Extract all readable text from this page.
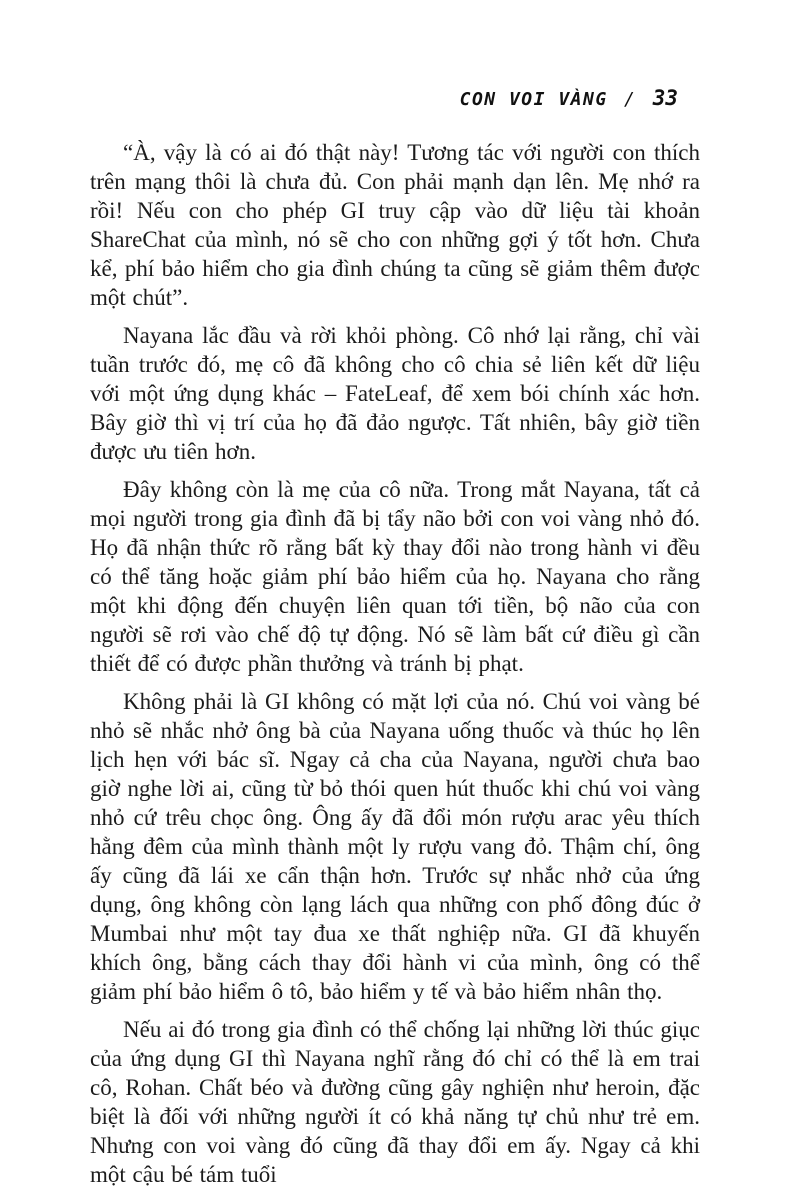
CON VOI VÀNG / 33

“À, vậy là có ai đó thật này! Tương tác với người con thích trên mạng thôi là chưa đủ. Con phải mạnh dạn lên. Mẹ nhớ ra rồi! Nếu con cho phép GI truy cập vào dữ liệu tài khoản ShareChat của mình, nó sẽ cho con những gợi ý tốt hơn. Chưa kể, phí bảo hiểm cho gia đình chúng ta cũng sẽ giảm thêm được một chút”.

Nayana lắc đầu và rời khỏi phòng. Cô nhớ lại rằng, chỉ vài tuần trước đó, mẹ cô đã không cho cô chia sẻ liên kết dữ liệu với một ứng dụng khác – FateLeaf, để xem bói chính xác hơn. Bây giờ thì vị trí của họ đã đảo ngược. Tất nhiên, bây giờ tiền được ưu tiên hơn.

Đây không còn là mẹ của cô nữa. Trong mắt Nayana, tất cả mọi người trong gia đình đã bị tẩy não bởi con voi vàng nhỏ đó. Họ đã nhận thức rõ rằng bất kỳ thay đổi nào trong hành vi đều có thể tăng hoặc giảm phí bảo hiểm của họ. Nayana cho rằng một khi động đến chuyện liên quan tới tiền, bộ não của con người sẽ rơi vào chế độ tự động. Nó sẽ làm bất cứ điều gì cần thiết để có được phần thưởng và tránh bị phạt.

Không phải là GI không có mặt lợi của nó. Chú voi vàng bé nhỏ sẽ nhắc nhở ông bà của Nayana uống thuốc và thúc họ lên lịch hẹn với bác sĩ. Ngay cả cha của Nayana, người chưa bao giờ nghe lời ai, cũng từ bỏ thói quen hút thuốc khi chú voi vàng nhỏ cứ trêu chọc ông. Ông ấy đã đổi món rượu arac yêu thích hằng đêm của mình thành một ly rượu vang đỏ. Thậm chí, ông ấy cũng đã lái xe cẩn thận hơn. Trước sự nhắc nhở của ứng dụng, ông không còn lạng lách qua những con phố đông đúc ở Mumbai như một tay đua xe thất nghiệp nữa. GI đã khuyến khích ông, bằng cách thay đổi hành vi của mình, ông có thể giảm phí bảo hiểm ô tô, bảo hiểm y tế và bảo hiểm nhân thọ.

Nếu ai đó trong gia đình có thể chống lại những lời thúc giục của ứng dụng GI thì Nayana nghĩ rằng đó chỉ có thể là em trai cô, Rohan. Chất béo và đường cũng gây nghiện như heroin, đặc biệt là đối với những người ít có khả năng tự chủ như trẻ em. Nhưng con voi vàng đó cũng đã thay đổi em ấy. Ngay cả khi một cậu bé tám tuổi
